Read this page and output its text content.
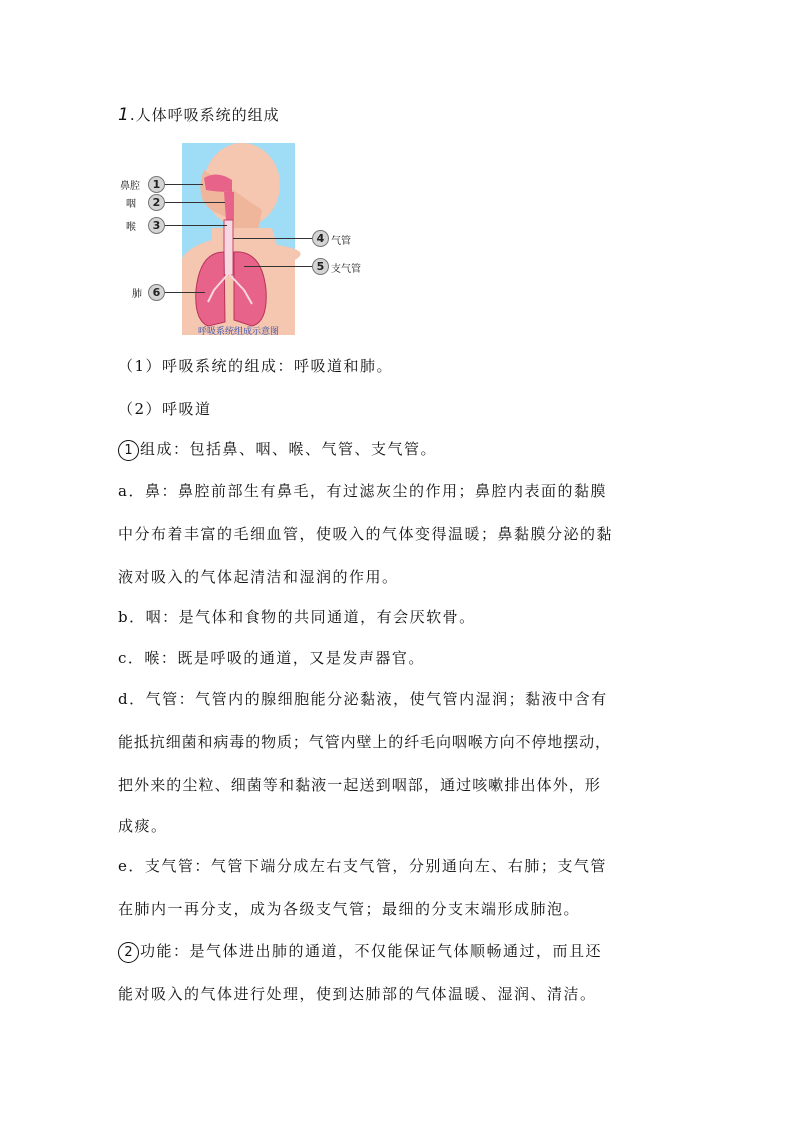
1.人体呼吸系统的组成
鼻腔	1
咽	2
喉	3
4 气管
5 支气管
肺 6
呼吸系统组成示意图
（1）呼吸系统的组成：呼吸道和肺。
（2）呼吸道
1 组成：包括鼻、咽、喉、气管、支气管。
a．鼻：鼻腔前部生有鼻毛，有过滤灰尘的作用；鼻腔内表面的黏膜
中分布着丰富的毛细血管，使吸入的气体变得温暖；鼻黏膜分泌的黏
液对吸入的气体起清洁和湿润的作用。
b．咽：是气体和食物的共同通道，有会厌软骨。
c．喉：既是呼吸的通道，又是发声器官。
d．气管：气管内的腺细胞能分泌黏液，使气管内湿润；黏液中含有
能抵抗细菌和病毒的物质；气管内壁上的纤毛向咽喉方向不停地摆动，
把外来的尘粒、细菌等和黏液一起送到咽部，通过咳嗽排出体外，形
成痰。
e．支气管：气管下端分成左右支气管，分别通向左、右肺；支气管
在肺内一再分支，成为各级支气管；最细的分支末端形成肺泡。
2 功能：是气体进出肺的通道，不仅能保证气体顺畅通过，而且还
能对吸入的气体进行处理，使到达肺部的气体温暖、湿润、清洁。
